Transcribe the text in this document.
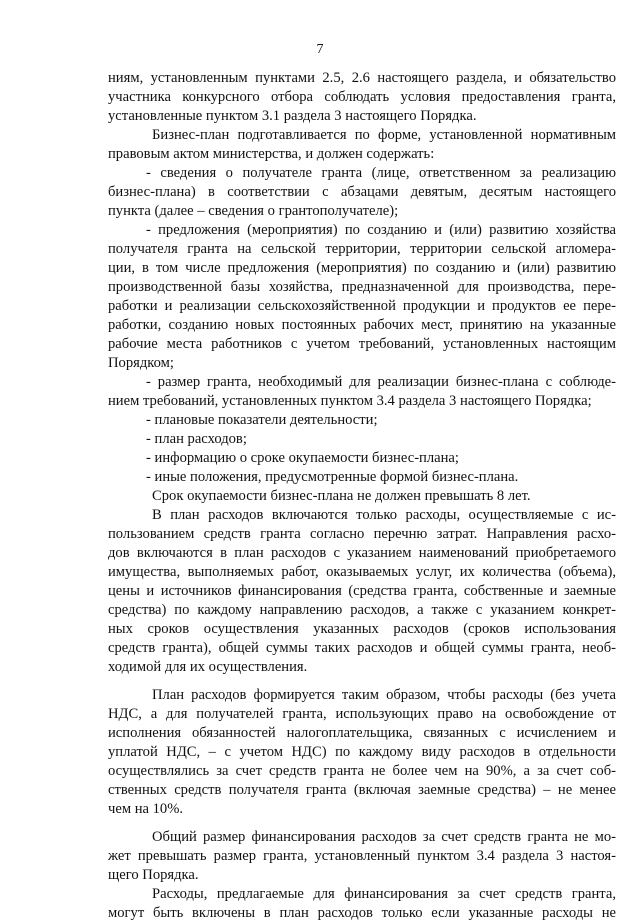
7
ниям, установленным пунктами 2.5, 2.6 настоящего раздела, и обязательство
участника конкурсного отбора соблюдать условия предоставления гранта,
установленные пунктом 3.1 раздела 3 настоящего Порядка.
Бизнес-план подготавливается по форме, установленной нормативным
правовым актом министерства, и должен содержать:
- сведения о получателе гранта (лице, ответственном за реализацию
бизнес-плана) в соответствии с абзацами девятым, десятым настоящего
пункта (далее – сведения о грантополучателе);
- предложения (мероприятия) по созданию и (или) развитию хозяйства
получателя гранта на сельской территории, территории сельской агломера-
ции, в том числе предложения (мероприятия) по созданию и (или) развитию
производственной базы хозяйства, предназначенной для производства, пере-
работки и реализации сельскохозяйственной продукции и продуктов ее пере-
работки, созданию новых постоянных рабочих мест, принятию на указанные
рабочие места работников с учетом требований, установленных настоящим
Порядком;
- размер гранта, необходимый для реализации бизнес-плана с соблюде-
нием требований, установленных пунктом 3.4 раздела 3 настоящего Порядка;
- плановые показатели деятельности;
- план расходов;
- информацию о сроке окупаемости бизнес-плана;
- иные положения, предусмотренные формой бизнес-плана.
Срок окупаемости бизнес-плана не должен превышать 8 лет.
В план расходов включаются только расходы, осуществляемые с ис-
пользованием средств гранта согласно перечню затрат. Направления расхо-
дов включаются в план расходов с указанием наименований приобретаемого
имущества, выполняемых работ, оказываемых услуг, их количества (объема),
цены и источников финансирования (средства гранта, собственные и заемные
средства) по каждому направлению расходов, а также с указанием конкрет-
ных сроков осуществления указанных расходов (сроков использования
средств гранта), общей суммы таких расходов и общей суммы гранта, необ-
ходимой для их осуществления.
План расходов формируется таким образом, чтобы расходы (без учета
НДС, а для получателей гранта, использующих право на освобождение от
исполнения обязанностей налогоплательщика, связанных с исчислением и
уплатой НДС, – с учетом НДС) по каждому виду расходов в отдельности
осуществлялись за счет средств гранта не более чем на 90%, а за счет соб-
ственных средств получателя гранта (включая заемные средства) – не менее
чем на 10%.
Общий размер финансирования расходов за счет средств гранта не мо-
жет превышать размер гранта, установленный пунктом 3.4 раздела 3 настоя-
щего Порядка.
Расходы, предлагаемые для финансирования за счет средств гранта,
могут быть включены в план расходов только если указанные расходы не
